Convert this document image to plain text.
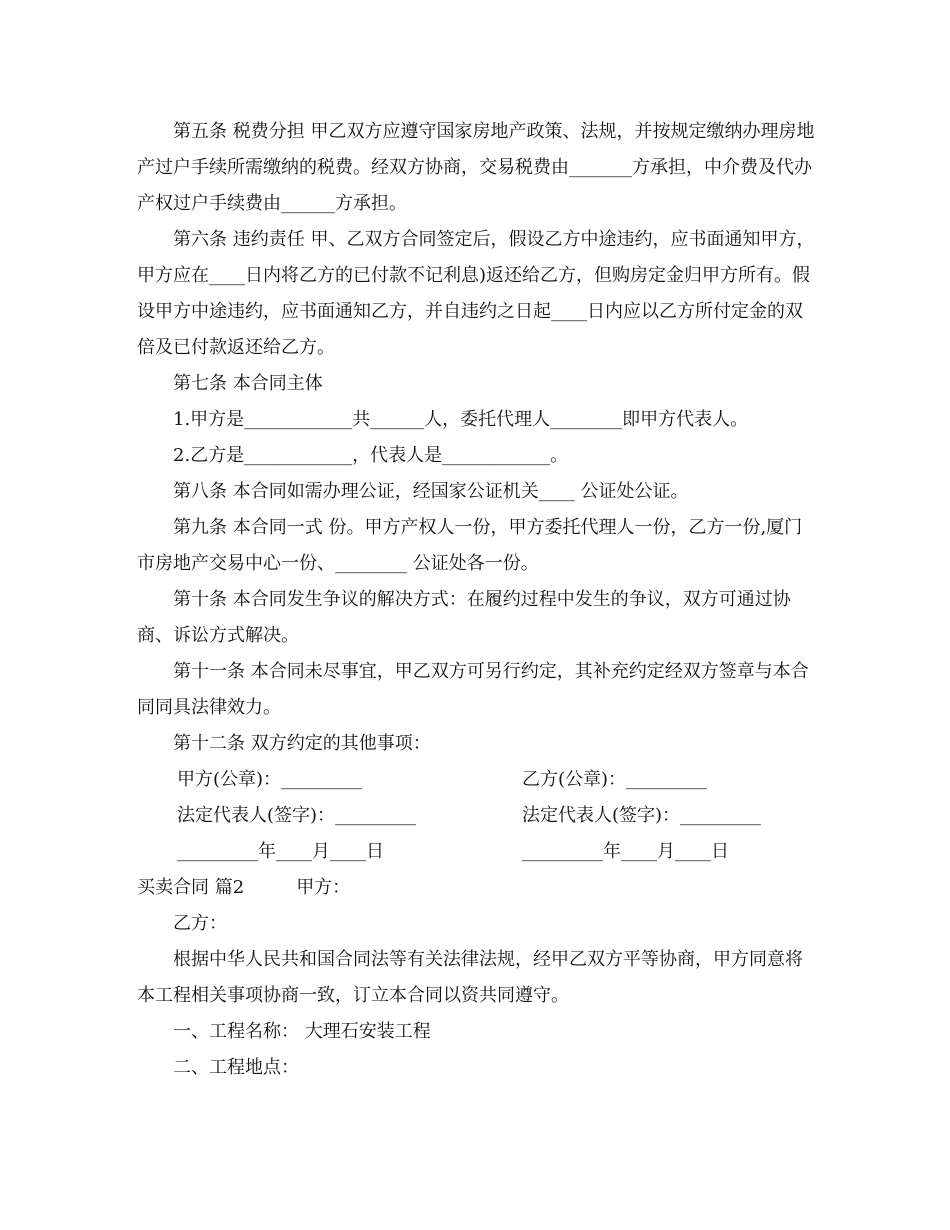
第五条 税费分担 甲乙双方应遵守国家房地产政策、法规，并按规定缴纳办理房地产过户手续所需缴纳的税费。经双方协商，交易税费由_______方承担，中介费及代办产权过户手续费由______方承担。

第六条 违约责任 甲、乙双方合同签定后，假设乙方中途违约，应书面通知甲方，甲方应在____日内将乙方的已付款不记利息)返还给乙方，但购房定金归甲方所有。假设甲方中途违约，应书面通知乙方，并自违约之日起____日内应以乙方所付定金的双倍及已付款返还给乙方。

第七条 本合同主体

1.甲方是____________共______人，委托代理人________即甲方代表人。

2.乙方是____________，代表人是____________。

第八条 本合同如需办理公证，经国家公证机关____ 公证处公证。

第九条 本合同一式 份。甲方产权人一份，甲方委托代理人一份，乙方一份,厦门市房地产交易中心一份、________ 公证处各一份。

第十条 本合同发生争议的解决方式：在履约过程中发生的争议，双方可通过协商、诉讼方式解决。

第十一条 本合同未尽事宜，甲乙双方可另行约定，其补充约定经双方签章与本合同同具法律效力。

第十二条 双方约定的其他事项：

甲方(公章)：_________	乙方(公章)：_________
法定代表人(签字)：_________	法定代表人(签字)：_________
_________年____月____日	_________年____月____日

买卖合同 篇2	甲方：

乙方：

根据中华人民共和国合同法等有关法律法规，经甲乙双方平等协商，甲方同意将本工程相关事项协商一致，订立本合同以资共同遵守。

一、工程名称： 大理石安装工程

二、工程地点：
